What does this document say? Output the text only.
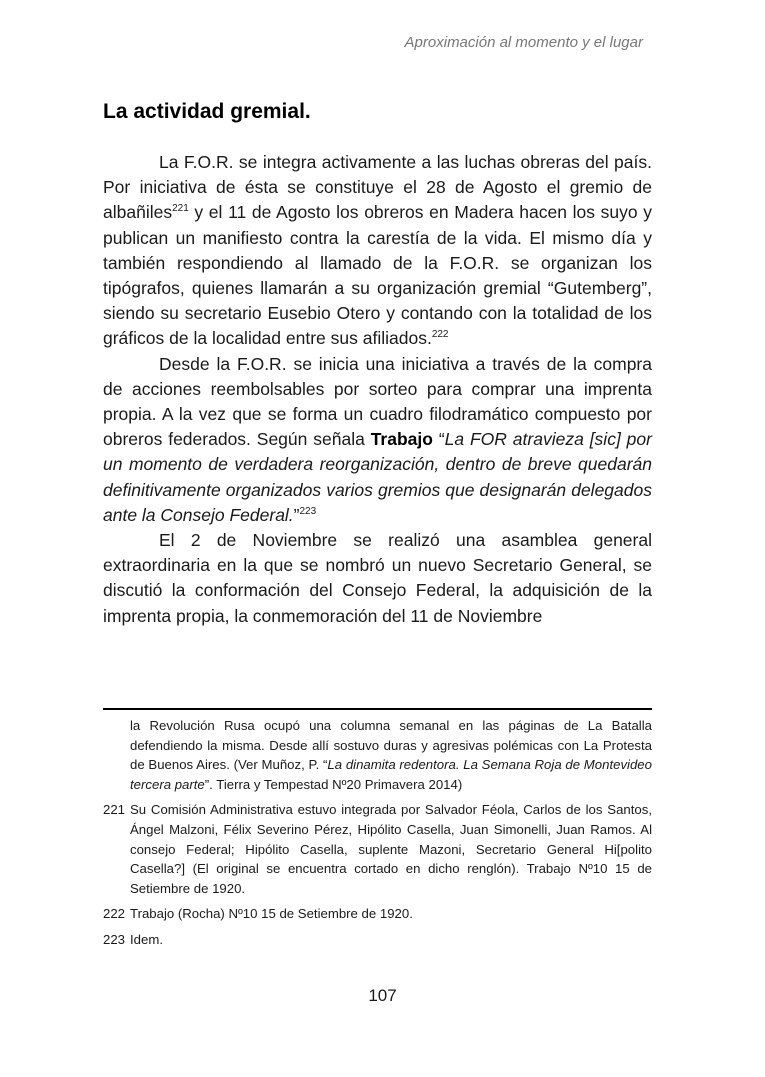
Aproximación al momento y el lugar
La actividad gremial.

La F.O.R. se integra activamente a las luchas obreras del país. Por iniciativa de ésta se constituye el 28 de Agosto el gremio de albañiles$^{221}$ y el 11 de Agosto los obreros en Madera hacen los suyo y publican un manifiesto contra la carestía de la vida. El mismo día y también respondiendo al llamado de la F.O.R. se organizan los tipógrafos, quienes llamarán a su organización gremial “Gutemberg”, siendo su secretario Eusebio Otero y contando con la totalidad de los gráficos de la localidad entre sus afiliados.$^{222}$

Desde la F.O.R. se inicia una iniciativa a través de la compra de acciones reembolsables por sorteo para comprar una imprenta propia. A la vez que se forma un cuadro filodramático compuesto por obreros federados. Según señala Trabajo “La FOR atravieza [sic] por un momento de verdadera reorganización, dentro de breve quedarán definitivamente organizados varios gremios que designarán delegados ante la Consejo Federal.”$^{223}$

El 2 de Noviembre se realizó una asamblea general extraordinaria en la que se nombró un nuevo Secretario General, se discutió la conformación del Consejo Federal, la adquisición de la imprenta propia, la conmemoración del 11 de Noviembre

la Revolución Rusa ocupó una columna semanal en las páginas de La Batalla defendiendo la misma. Desde allí sostuvo duras y agresivas polémicas con La Protesta de Buenos Aires. (Ver Muñoz, P. “La dinamita redentora. La Semana Roja de Montevideo tercera parte”. Tierra y Tempestad Nº20 Primavera 2014)
221 Su Comisión Administrativa estuvo integrada por Salvador Féola, Carlos de los Santos, Ángel Malzoni, Félix Severino Pérez, Hipólito Casella, Juan Simonelli, Juan Ramos. Al consejo Federal; Hipólito Casella, suplente Mazoni, Secretario General Hi[polito Casella?] (El original se encuentra cortado en dicho renglón). Trabajo Nº10 15 de Setiembre de 1920.
222 Trabajo (Rocha) Nº10 15 de Setiembre de 1920.
223 Idem.
107
